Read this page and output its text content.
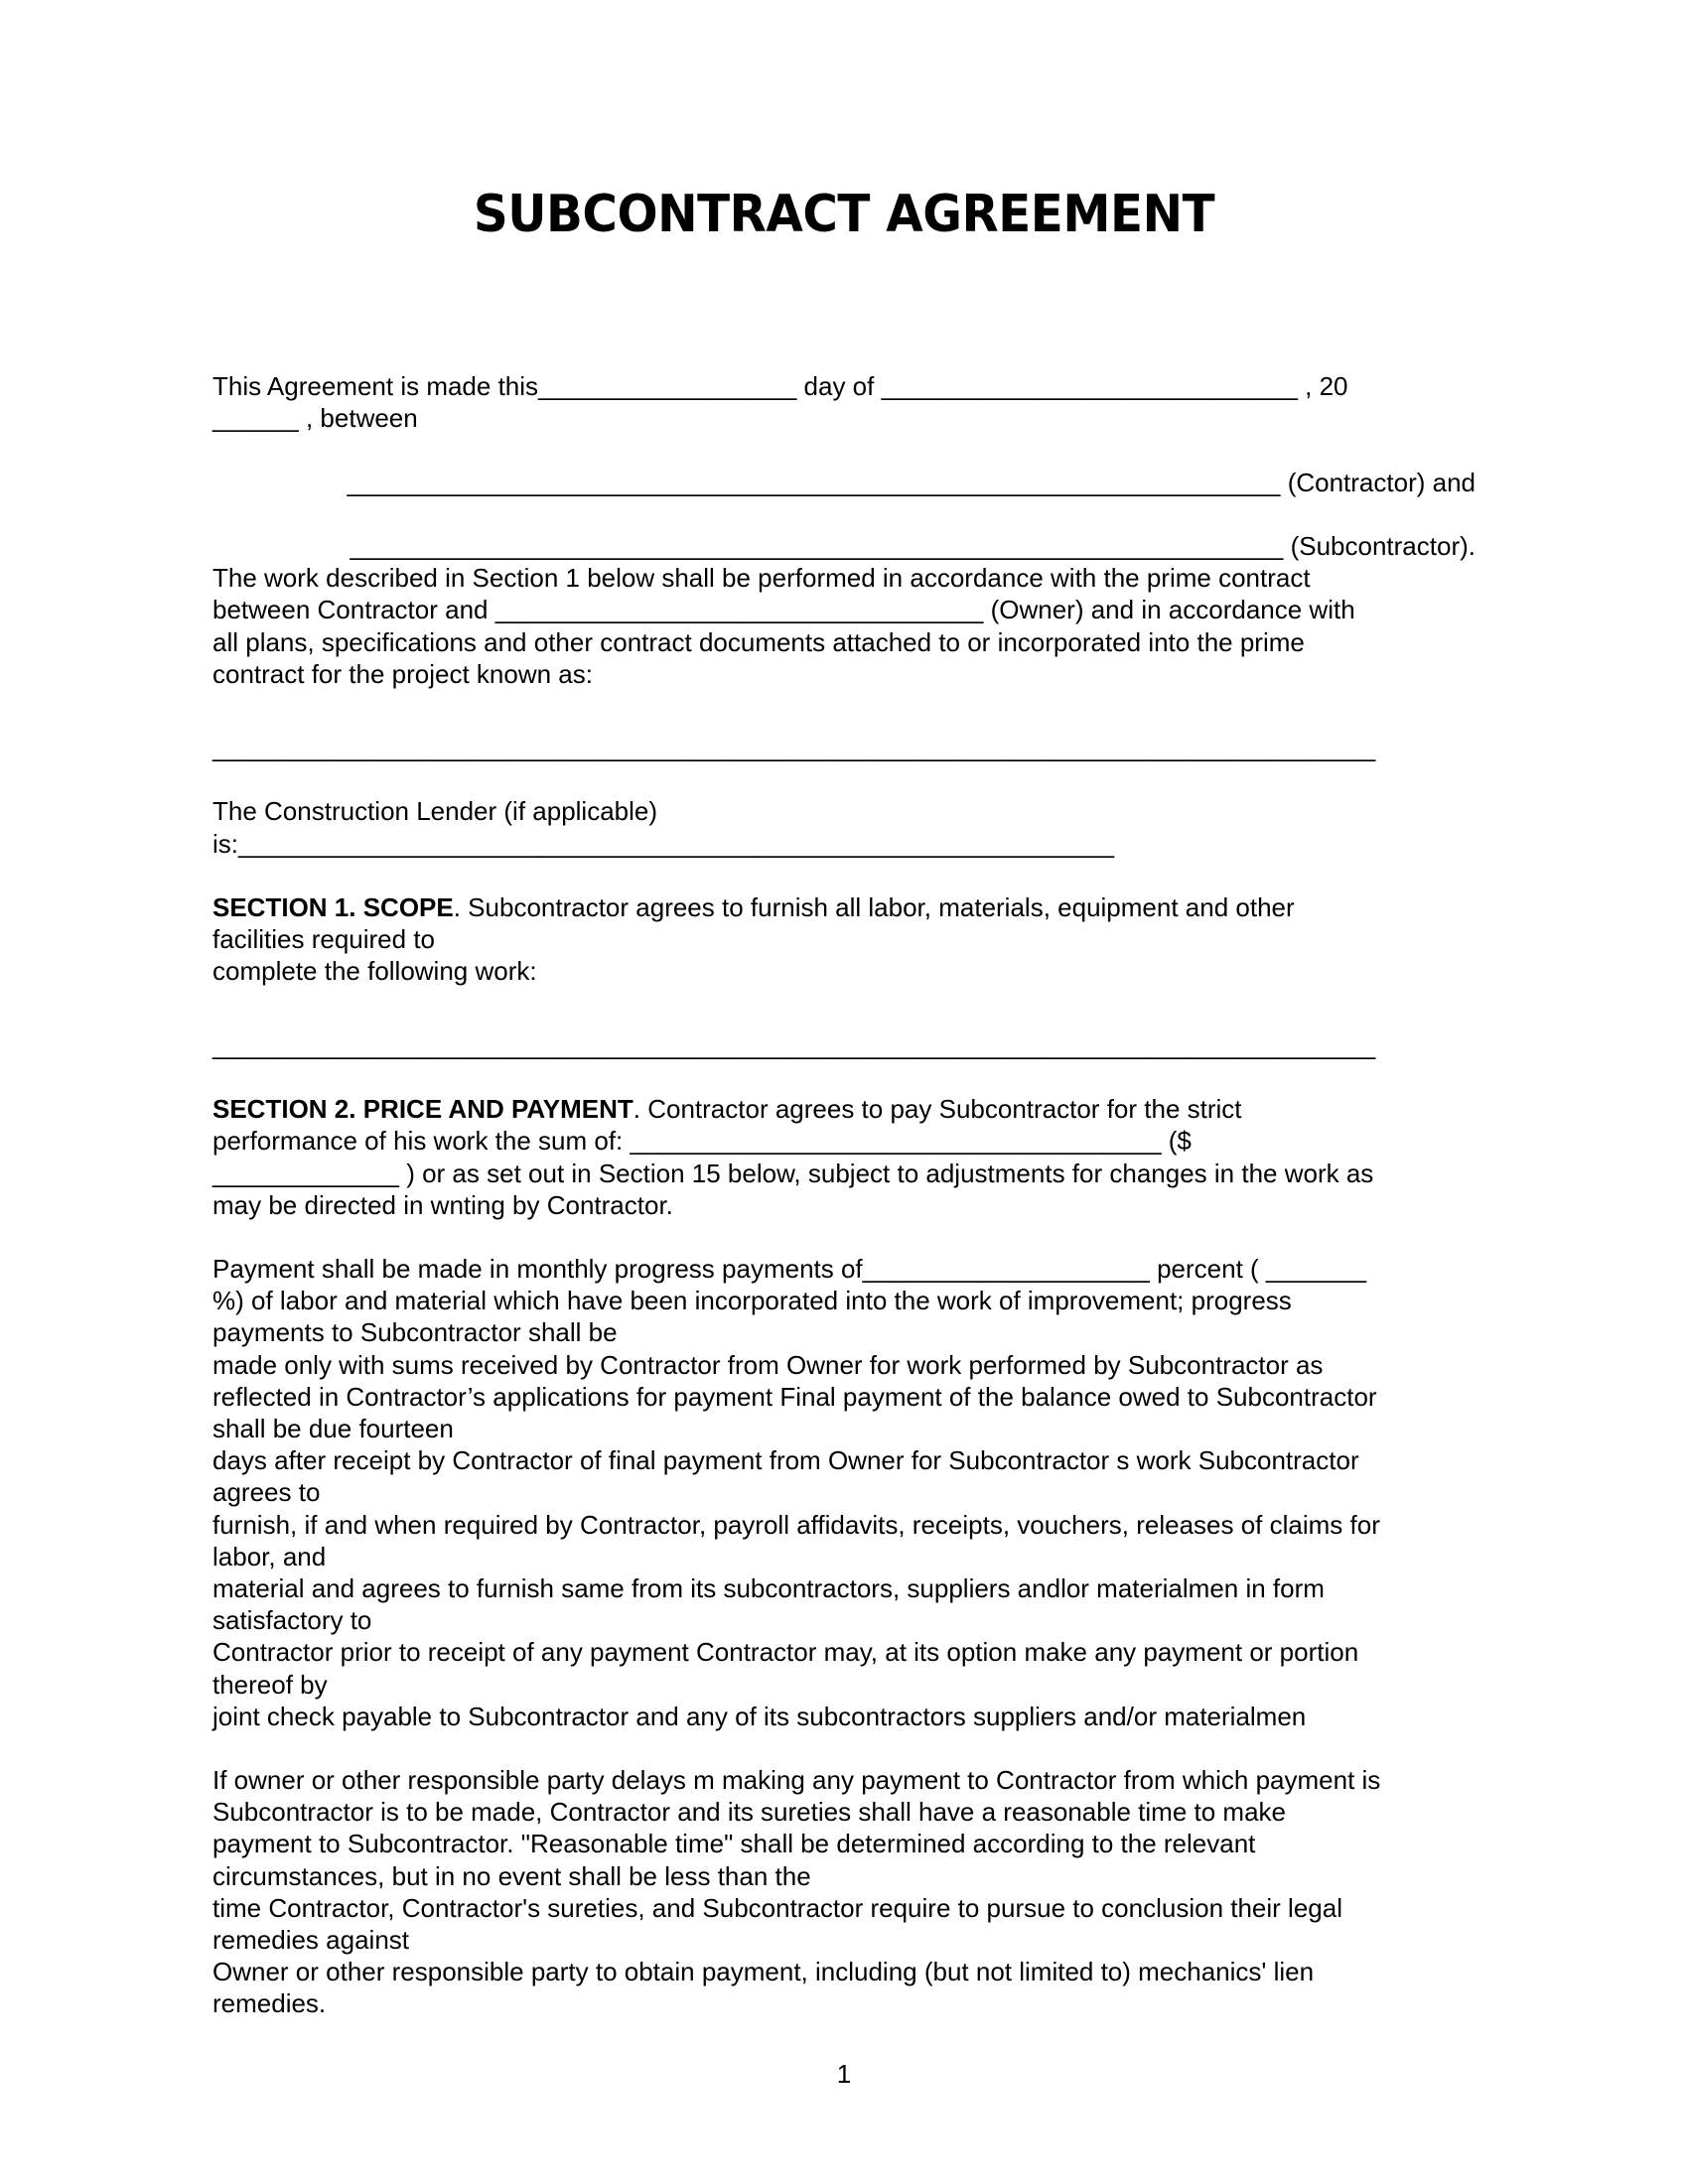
SUBCONTRACT AGREEMENT
This Agreement is made this__________________ day of _____________________________ , 20
______ , between
_________________________________________________________________ (Contractor) and
_________________________________________________________________ (Subcontractor).
The work described in Section 1 below shall be performed in accordance with the prime contract
between Contractor and __________________________________ (Owner) and in accordance with
all plans, specifications and other contract documents attached to or incorporated into the prime
contract for the project known as:
_________________________________________________________________________________
The Construction Lender (if applicable)
is:_____________________________________________________________
SECTION 1. SCOPE. Subcontractor agrees to furnish all labor, materials, equipment and other
facilities required to
complete the following work:
_________________________________________________________________________________
SECTION 2. PRICE AND PAYMENT. Contractor agrees to pay Subcontractor for the strict
performance of his work the sum of: _____________________________________ ($
_____________ ) or as set out in Section 15 below, subject to adjustments for changes in the work as
may be directed in wnting by Contractor.
Payment shall be made in monthly progress payments of____________________ percent ( _______
%) of labor and material which have been incorporated into the work of improvement; progress
payments to Subcontractor shall be
made only with sums received by Contractor from Owner for work performed by Subcontractor as
reflected in Contractor’s applications for payment Final payment of the balance owed to Subcontractor
shall be due fourteen
days after receipt by Contractor of final payment from Owner for Subcontractor s work Subcontractor
agrees to
furnish, if and when required by Contractor, payroll affidavits, receipts, vouchers, releases of claims for
labor, and
material and agrees to furnish same from its subcontractors, suppliers andlor materialmen in form
satisfactory to
Contractor prior to receipt of any payment Contractor may, at its option make any payment or portion
thereof by
joint check payable to Subcontractor and any of its subcontractors suppliers and/or materialmen
If owner or other responsible party delays m making any payment to Contractor from which payment is
Subcontractor is to be made, Contractor and its sureties shall have a reasonable time to make
payment to Subcontractor. "Reasonable time" shall be determined according to the relevant
circumstances, but in no event shall be less than the
time Contractor, Contractor's sureties, and Subcontractor require to pursue to conclusion their legal
remedies against
Owner or other responsible party to obtain payment, including (but not limited to) mechanics' lien
remedies.
1
